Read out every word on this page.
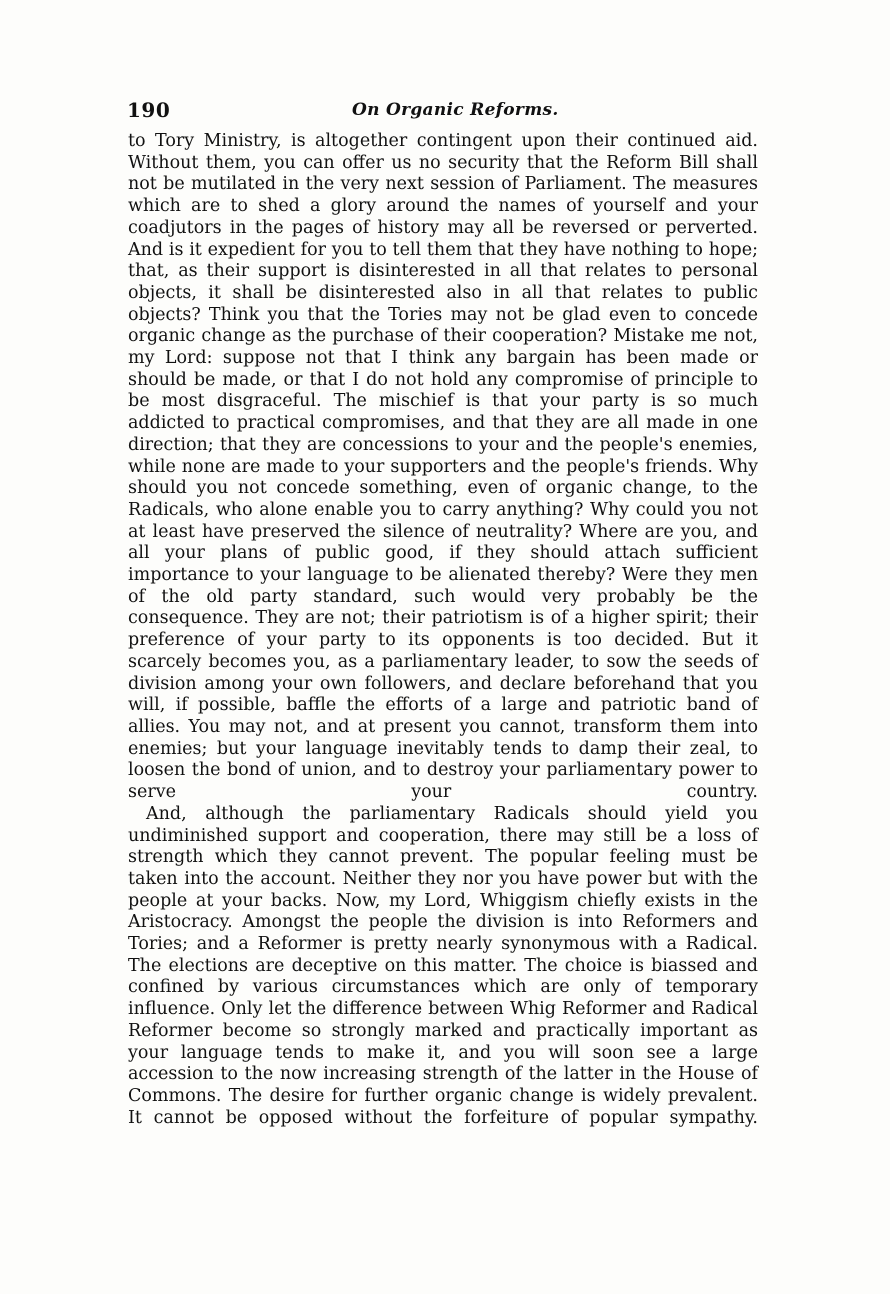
190	On Organic Reforms.

to Tory Ministry, is altogether contingent upon their continued aid. Without them, you can offer us no security that the Reform Bill shall not be mutilated in the very next session of Parliament. The measures which are to shed a glory around the names of yourself and your coadjutors in the pages of history may all be reversed or perverted. And is it expedient for you to tell them that they have nothing to hope; that, as their support is disinterested in all that relates to personal objects, it shall be disinterested also in all that relates to public objects? Think you that the Tories may not be glad even to concede organic change as the purchase of their cooperation? Mistake me not, my Lord: suppose not that I think any bargain has been made or should be made, or that I do not hold any compromise of principle to be most disgraceful. The mischief is that your party is so much addicted to practical compromises, and that they are all made in one direction; that they are concessions to your and the people's enemies, while none are made to your supporters and the people's friends. Why should you not concede something, even of organic change, to the Radicals, who alone enable you to carry anything? Why could you not at least have preserved the silence of neutrality? Where are you, and all your plans of public good, if they should attach sufficient importance to your language to be alienated thereby? Were they men of the old party standard, such would very probably be the consequence. They are not; their patriotism is of a higher spirit; their preference of your party to its opponents is too decided. But it scarcely becomes you, as a parliamentary leader, to sow the seeds of division among your own followers, and declare beforehand that you will, if possible, baffle the efforts of a large and patriotic band of allies. You may not, and at present you cannot, transform them into enemies; but your language inevitably tends to damp their zeal, to loosen the bond of union, and to destroy your parliamentary power to serve your country.

And, although the parliamentary Radicals should yield you undiminished support and cooperation, there may still be a loss of strength which they cannot prevent. The popular feeling must be taken into the account. Neither they nor you have power but with the people at your backs. Now, my Lord, Whiggism chiefly exists in the Aristocracy. Amongst the people the division is into Reformers and Tories; and a Reformer is pretty nearly synonymous with a Radical. The elections are deceptive on this matter. The choice is biassed and confined by various circumstances which are only of temporary influence. Only let the difference between Whig Reformer and Radical Reformer become so strongly marked and practically important as your language tends to make it, and you will soon see a large accession to the now increasing strength of the latter in the House of Commons. The desire for further organic change is widely prevalent. It cannot be opposed without the forfeiture of popular sympathy.
